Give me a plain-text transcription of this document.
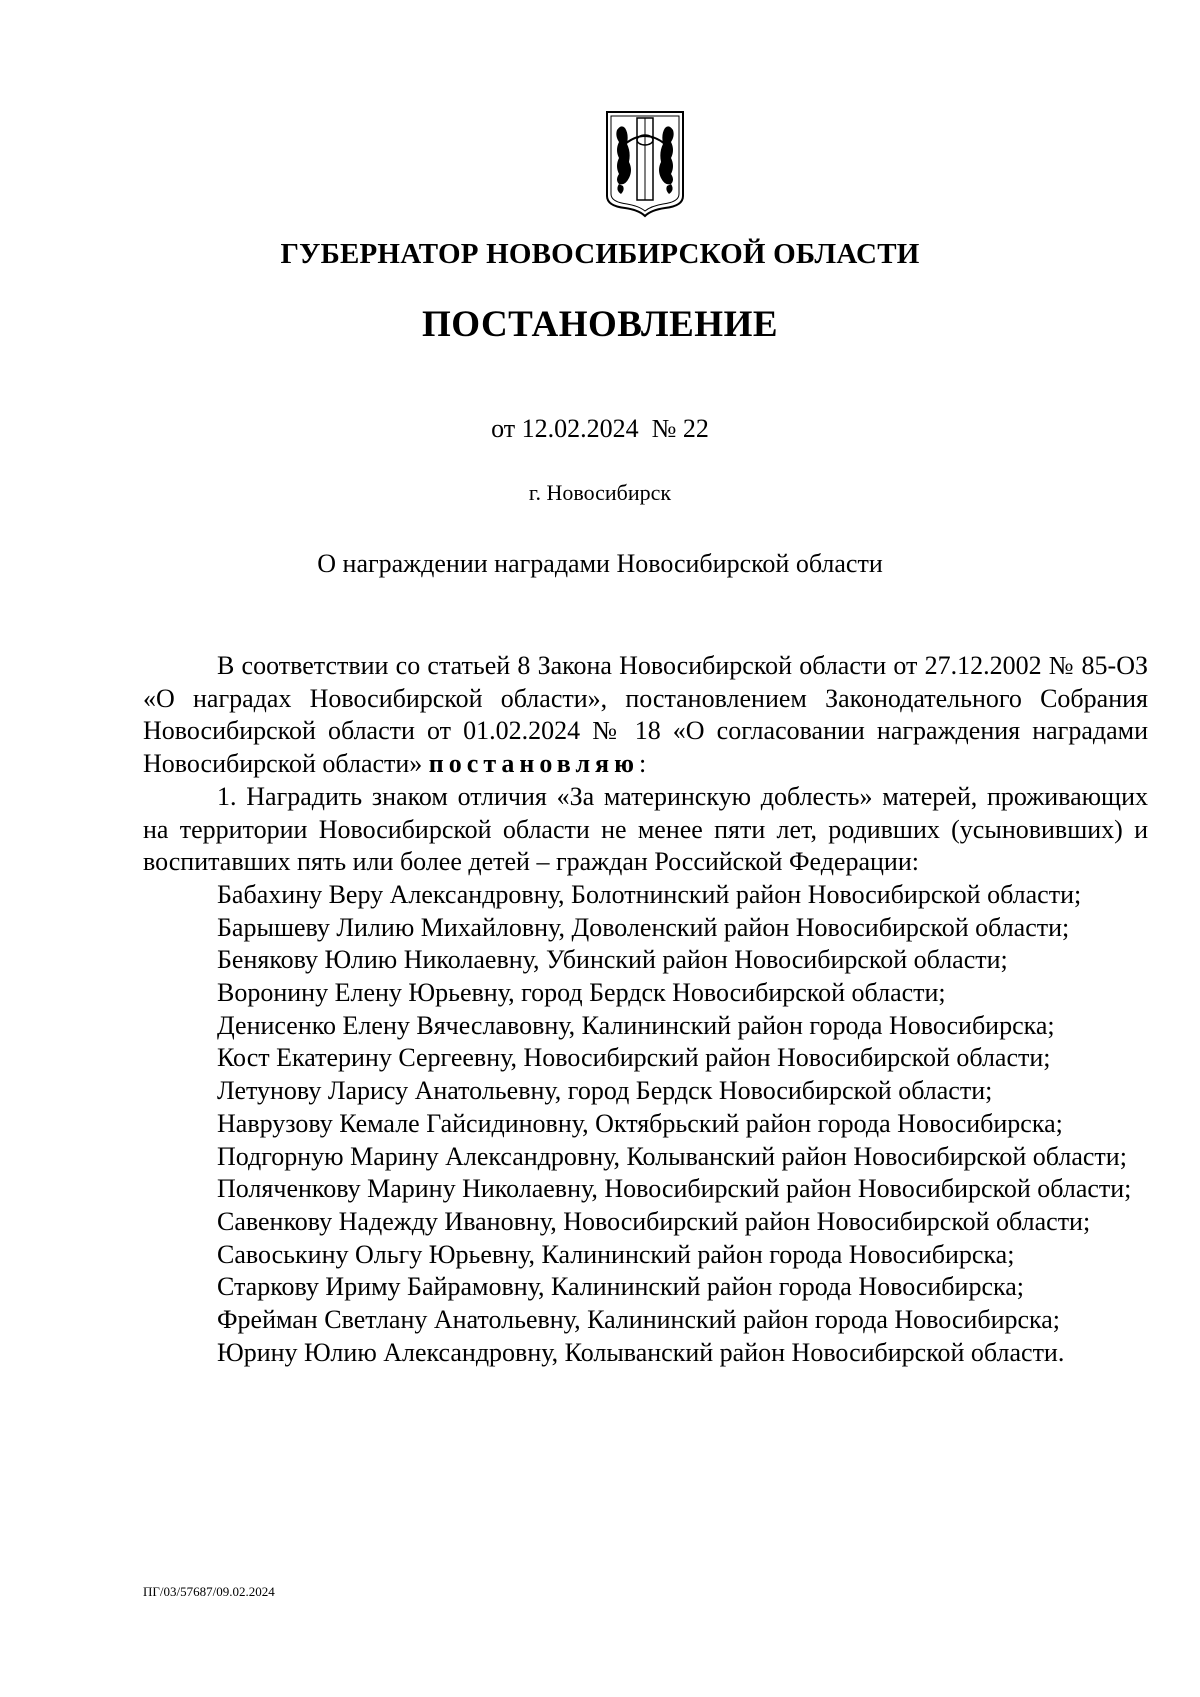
ГУБЕРНАТОР НОВОСИБИРСКОЙ ОБЛАСТИ
ПОСТАНОВЛЕНИЕ
от 12.02.2024  № 22
г. Новосибирск
О награждении наградами Новосибирской области

В соответствии со статьей 8 Закона Новосибирской области от 27.12.2002 № 85-ОЗ «О наградах Новосибирской области», постановлением Законодательного Собрания Новосибирской области от 01.02.2024 № 18 «О согласовании награждения наградами Новосибирской области» постановляю:

1. Наградить знаком отличия «За материнскую доблесть» матерей, проживающих на территории Новосибирской области не менее пяти лет, родивших (усыновивших) и воспитавших пять или более детей – граждан Российской Федерации:

Бабахину Веру Александровну, Болотнинский район Новосибирской области;

Барышеву Лилию Михайловну, Доволенский район Новосибирской области;

Бенякову Юлию Николаевну, Убинский район Новосибирской области;

Воронину Елену Юрьевну, город Бердск Новосибирской области;

Денисенко Елену Вячеславовну, Калининский район города Новосибирска;

Кост Екатерину Сергеевну, Новосибирский район Новосибирской области;

Летунову Ларису Анатольевну, город Бердск Новосибирской области;

Наврузову Кемале Гайсидиновну, Октябрьский район города Новосибирска;

Подгорную Марину Александровну, Колыванский район Новосибирской области;

Поляченкову Марину Николаевну, Новосибирский район Новосибирской области;

Савенкову Надежду Ивановну, Новосибирский район Новосибирской области;

Савоськину Ольгу Юрьевну, Калининский район города Новосибирска;

Старкову Ириму Байрамовну, Калининский район города Новосибирска;

Фрейман Светлану Анатольевну, Калининский район города Новосибирска;

Юрину Юлию Александровну, Колыванский район Новосибирской области.

ПГ/03/57687/09.02.2024
